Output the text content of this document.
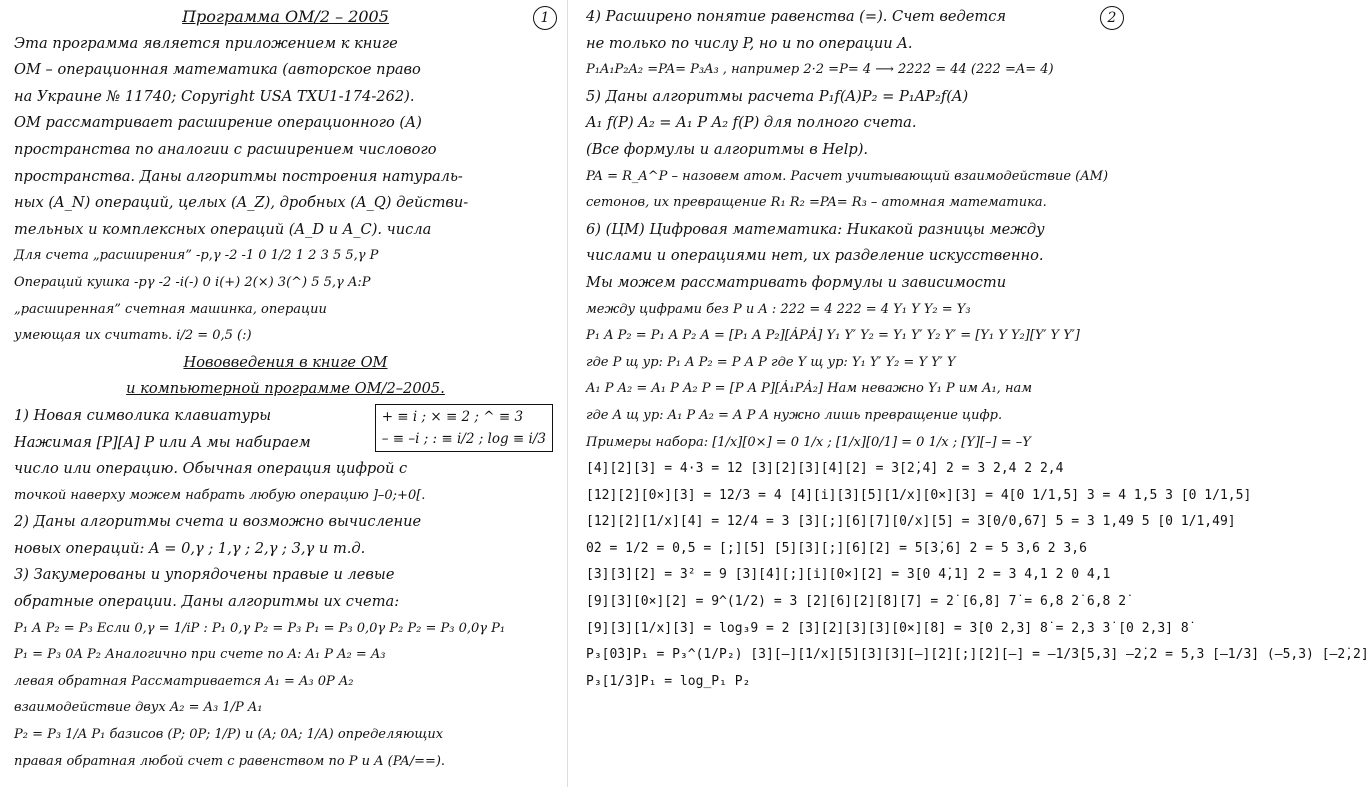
1
Программа ОМ/2 – 2005
Эта программа является приложением к книге
ОМ – операционная математика (авторское право
на Украине № 11740; Copyright USA TXU1-174-262).
ОМ рассматривает расширение операционного (А)
пространства по аналогии с расширением числового
пространства. Даны алгоритмы построения натураль-
ных (A_N) операций, целых (A_Z), дробных (A_Q) действи-
тельных и комплексных операций (A_D и A_C). числа
Для счета „расширения” -p,γ -2 -1 0 1/2 1 2 3 5 5,γ P
Операций кушка -pγ -2 -i(-) 0 i(+) 2(×) 3(^) 5 5,γ A:P
„расширенная” счетная машинка, операции
умеющая их считать. i/2 = 0,5 (:)
Нововведения в книге ОМ
и компьютерной программе ОМ/2–2005.
1) Новая символика клавиатуры
Нажимая [P][A] P или A мы набираем
число или операцию. Обычная операция цифрой с
точкой наверху можем набрать любую операцию ]–0;+0[.
2) Даны алгоритмы счета и возможно вычисление
новых операций: A = 0,γ ; 1,γ ; 2,γ ; 3,γ и т.д.
3) Закумерованы и упорядочены правые и левые
обратные операции. Даны алгоритмы их счета:
P₁ A P₂ = P₃ Если 0,γ = 1/iP : P₁ 0,γ P₂ = P₃ P₁ = P₃ 0,0γ P₂ P₂ = P₃ 0,0γ P₁
P₁ = P₃ 0A P₂ Аналогично при счете по A: A₁ P A₂ = A₃
левая обратная Рассматривается A₁ = A₃ 0P A₂
взаимодействие двух A₂ = A₃ 1/P A₁
P₂ = P₃ 1/A P₁ базисов (P; 0P; 1/P) и (A; 0A; 1/A) определяющих
правая обратная любой счет с равенством по P и A (PA/==).
+ ≡ i ; × ≡ 2 ; ^ ≡ 3
– ≡ –i ; : ≡ i/2 ; log ≡ i/3
2
4) Расширено понятие равенства (=). Счет ведется
не только по числу P, но и по операции A.
P₁A₁P₂A₂ =PA= P₃A₃ , например 2·2 =P= 4 ⟶ 2̇2̇2̇2̇ = 4̇4̇ (2̇2̇2̇ =A= 4̇)
5) Даны алгоритмы расчета P₁f(A)P₂ = P₁AP₂f(A)
A₁ f(P) A₂ = A₁ P A₂ f(P) для полного счета.
(Все формулы и алгоритмы в Help).
PA = R_A^P – назовем атом. Расчет учитывающий взаимодействие (AM)
сетонов, их превращение R₁ R₂ =PA= R₃ – атомная математика.
6) (ЦМ) Цифровая математика: Никакой разницы между
числами и операциями нет, их разделение искусственно.
Мы можем рассматривать формулы и зависимости
между цифрами без P и A : 2̇2̇2 = 4 2̇2̇2 = 4̇ Y₁ Y Y₂ = Y₃
P₁ A P₂ = P₁ A P₂ A = [P₁ A P₂][ȦPȦ] Y₁ Y′ Y₂ = Y₁ Y′ Y₂ Y′ = [Y₁ Y Y₂][Y′ Y Y′]
где P щ ур: P₁ A P₂ = P A P где Y щ ур: Y₁ Y′ Y₂ = Y Y′ Y
A₁ P A₂ = A₁ P A₂ P = [P A P][Ȧ₁PȦ₂] Нам неважно Y₁ P им A₁, нам
где A щ ур: A₁ P A₂ = A P A нужно лишь превращение цифр.
Примеры набора: [1/x][0×] = 0 1/x ; [1/x][0/1] = 0 1/x ; [Y][–] = –Y
[4][2̇][3] = 4·3 = 12 [3][2̇][3][4̇][2] = 3[2̇,4̇] 2 = 3 2,4 2 2,4
[12][2̇][0×][3] = 12/3 = 4 [4][i][3][5][1/x][0×][3] = 4[0 1/1,5] 3 = 4 1,5 3 [0 1/1,5]
[12][2̇][1/x][4] = 12/4 = 3 [3][;][6][7̇][0/x][5] = 3[0/0,67] 5 = 3 1,49 5 [0 1/1,49]
0̇2 = 1/2 = 0,5 = [;][5] [5][3][;][6̇][2] = 5[3̇,6̇] 2 = 5 3,6 2 3,6
[3][3̇][2] = 3² = 9 [3][4̇][;][i][0×][2] = 3[0 4̇,1] 2 = 3 4,1 2 0 4,1
[9][3̇][0×][2] = 9^(1/2) = 3 [2̇][6][2][8][7̇] = 2̇ [6,8] 7̇ = 6,8 2̇ 6,8 2̇
[9][3][1/x][3] = log₃9 = 2 [3̇][2][3][3][0×][8] = 3̇[0 2,3] 8̇ = 2,3 3̇ [0 2,3] 8̇
P₃[0̇3]P₁ = P₃^(1/P₂) [3̇][–][1/x][5][3][3][–][2̇][;][2̇][–] = –1/3̇[5,3] –2̇,2 = 5,3 [–1/3̇] (–5,3) [–2̇,2]
P₃[1/3̇]P₁ = log_P₁ P₂
